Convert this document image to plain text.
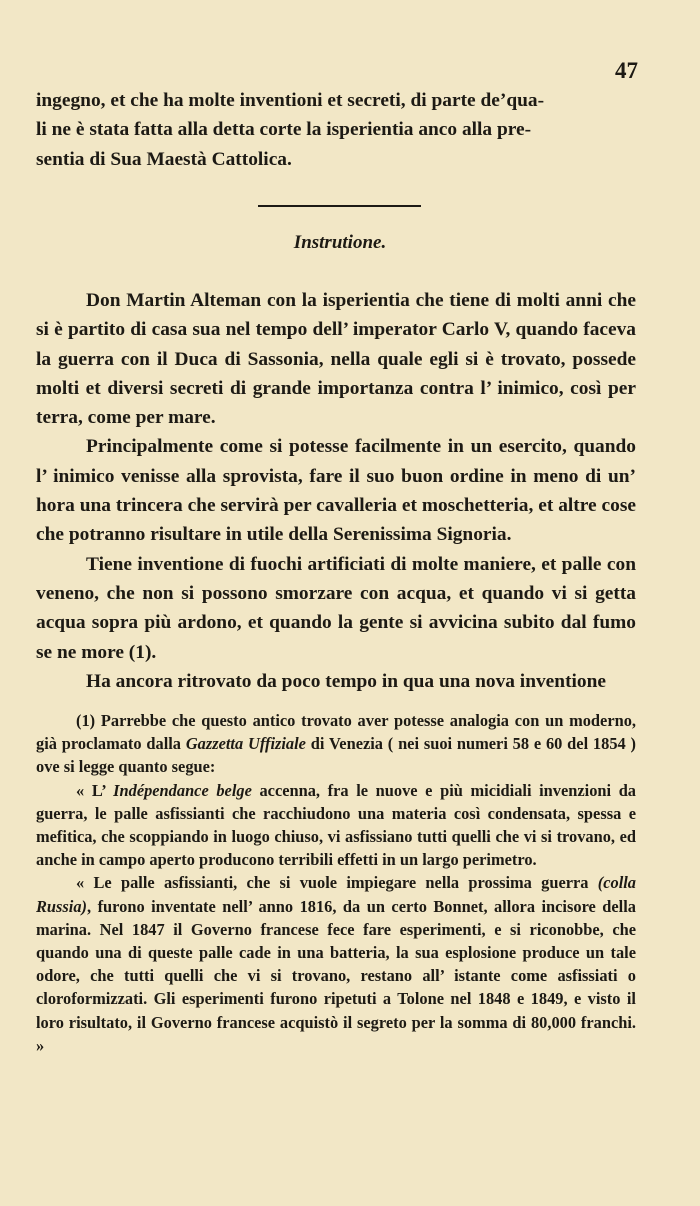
47
ingegno, et che ha molte inventioni et secreti, di parte de’qua-
li ne è stata fatta alla detta corte la isperientia anco alla pre-
sentia di Sua Maestà Cattolica.
Instrutione.

Don Martin Alteman con la isperientia che tiene di molti anni che si è partito di casa sua nel tempo dell’ imperator Carlo V, quando faceva la guerra con il Duca di Sassonia, nella quale egli si è trovato, possede molti et diversi secreti di grande importanza contra l’ inimico, così per terra, come per mare.

Principalmente come si potesse facilmente in un esercito, quando l’ inimico venisse alla sprovista, fare il suo buon ordine in meno di un’ hora una trincera che servirà per cavalleria et moschetteria, et altre cose che potranno risultare in utile della Serenissima Signoria.

Tiene inventione di fuochi artificiati di molte maniere, et palle con veneno, che non si possono smorzare con acqua, et quando vi si getta acqua sopra più ardono, et quando la gente si avvicina subito dal fumo se ne more (1).

Ha ancora ritrovato da poco tempo in qua una nova inventione

(1) Parrebbe che questo antico trovato aver potesse analogia con un moderno, già proclamato dalla Gazzetta Uffiziale di Venezia ( nei suoi numeri 58 e 60 del 1854 ) ove si legge quanto segue:

« L’ Indépendance belge accenna, fra le nuove e più micidiali invenzioni da guerra, le palle asfissianti che racchiudono una materia così condensata, spessa e mefitica, che scoppiando in luogo chiuso, vi asfissiano tutti quelli che vi si trovano, ed anche in campo aperto producono terribili effetti in un largo perimetro.

« Le palle asfissianti, che si vuole impiegare nella prossima guerra (colla Russia), furono inventate nell’ anno 1816, da un certo Bonnet, allora incisore della marina. Nel 1847 il Governo francese fece fare esperimenti, e si riconobbe, che quando una di queste palle cade in una batteria, la sua esplosione produce un tale odore, che tutti quelli che vi si trovano, restano all’ istante come asfissiati o cloroformizzati. Gli esperimenti furono ripetuti a Tolone nel 1848 e 1849, e visto il loro risultato, il Governo francese acquistò il segreto per la somma di 80,000 franchi. »
